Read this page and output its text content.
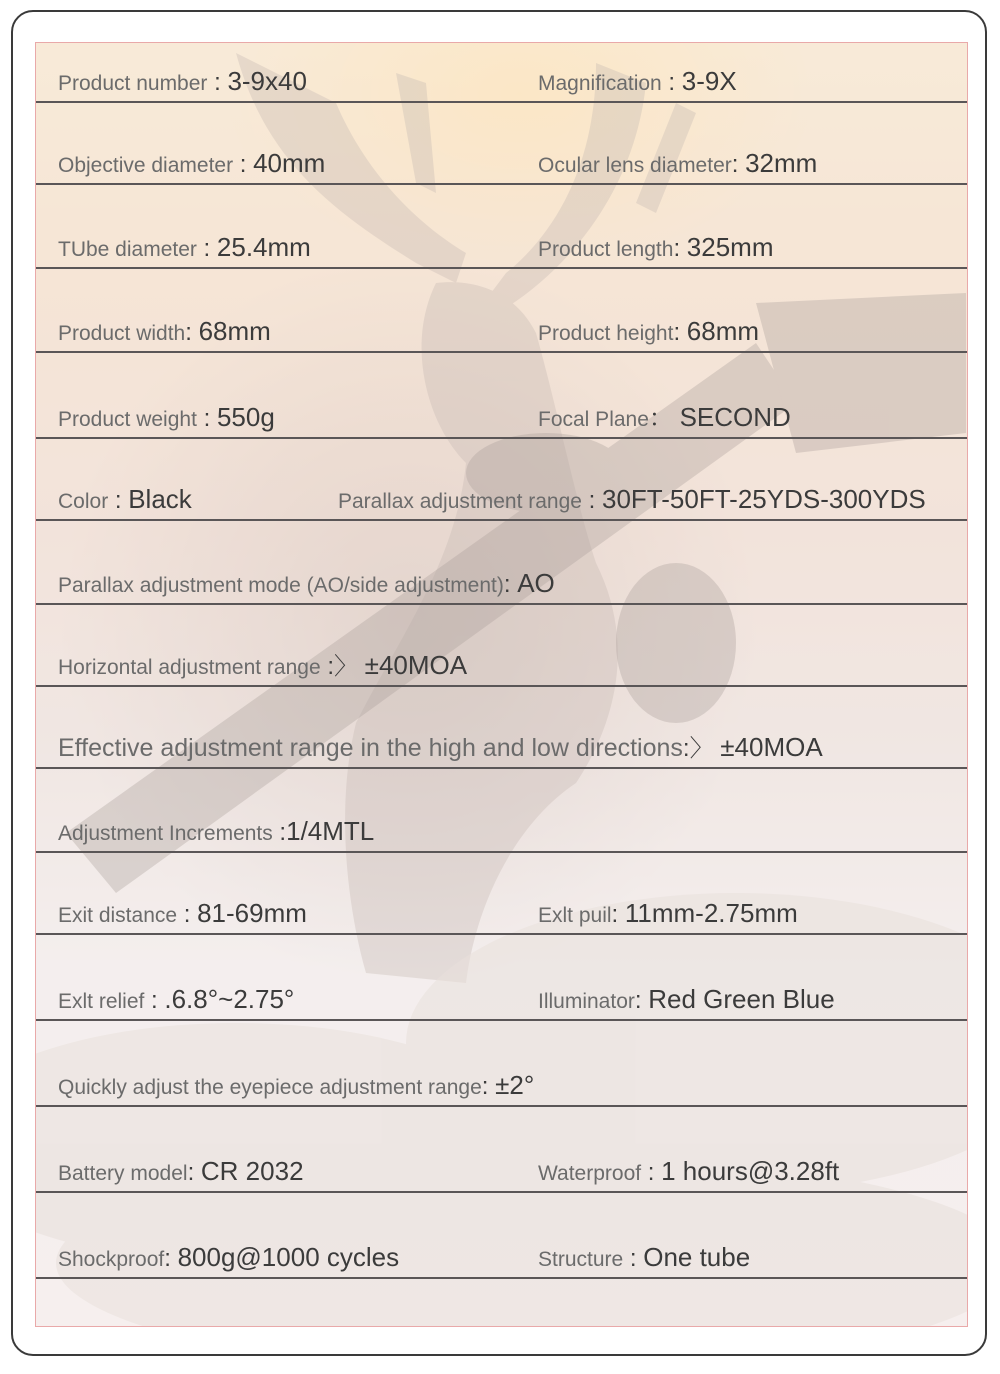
Product number : 3-9x40	Magnification : 3-9X
Objective diameter : 40mm	Ocular lens diameter: 32mm
TUbe diameter : 25.4mm	Product length: 325mm
Product width: 68mm	Product height: 68mm
Product weight : 550g	Focal Plane： SECOND
Color : Black	Parallax adjustment range : 30FT-50FT-25YDS-300YDS
Parallax adjustment mode (AO/side adjustment): AO
Horizontal adjustment range :〉 ±40MOA
Effective adjustment range in the high and low directions:〉 ±40MOA
Adjustment Increments :1/4MTL
Exit distance : 81-69mm	Exlt puil: 11mm-2.75mm
Exlt relief : .6.8°~2.75°	Illuminator: Red Green Blue
Quickly adjust the eyepiece adjustment range: ±2°
Battery model: CR 2032	Waterproof : 1 hours@3.28ft
Shockproof: 800g@1000 cycles	Structure : One tube
